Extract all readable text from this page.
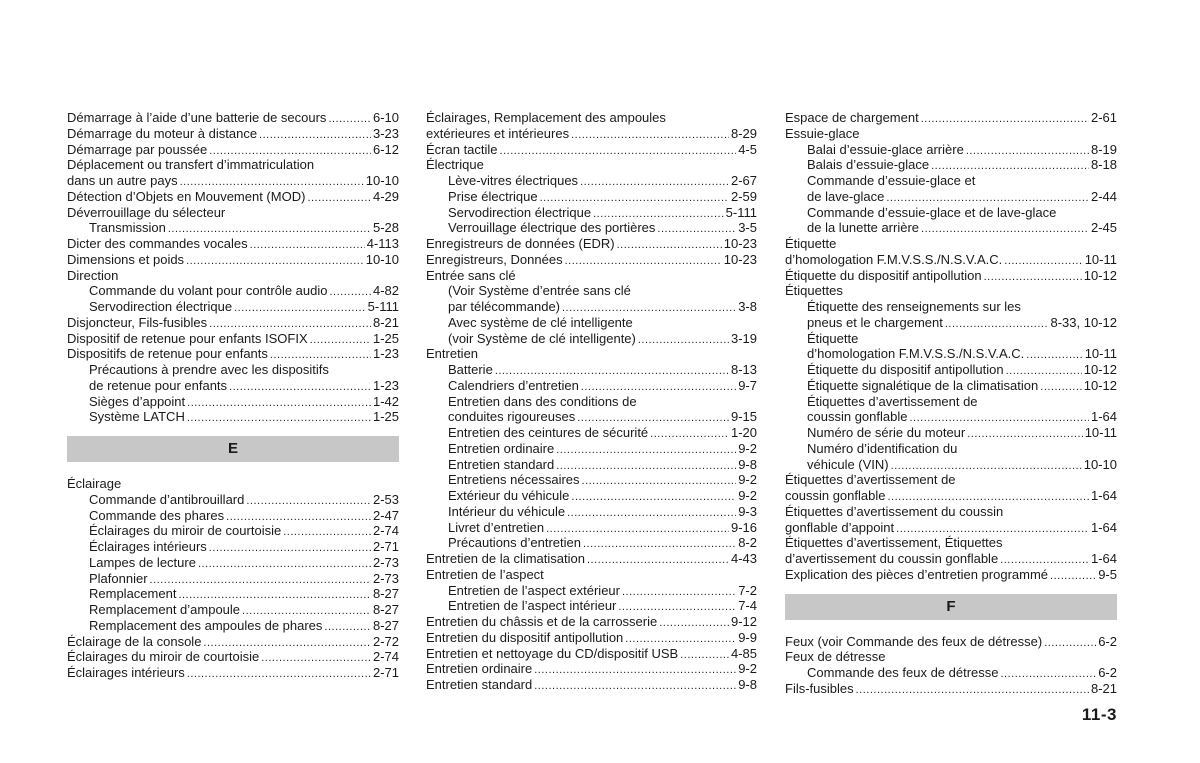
Démarrage à l’aide d’une batterie de secours .....	6-10
Démarrage du moteur à distance .....	3-23
Démarrage par poussée .....	6-12
Déplacement ou transfert d’immatriculation
dans un autre pays .....	10-10
Détection d’Objets en Mouvement (MOD) .....	4-29
Déverrouillage du sélecteur
Transmission .....	5-28
Dicter des commandes vocales .....	4-113
Dimensions et poids .....	10-10
Direction
Commande du volant pour contrôle audio .....	4-82
Servodirection électrique .....	5-111
Disjoncteur, Fils-fusibles .....	8-21
Dispositif de retenue pour enfants ISOFIX .....	1-25
Dispositifs de retenue pour enfants .....	1-23
Précautions à prendre avec les dispositifs
de retenue pour enfants .....	1-23
Sièges d’appoint .....	1-42
Système LATCH .....	1-25
E
Éclairage
Commande d’antibrouillard .....	2-53
Commande des phares .....	2-47
Éclairages du miroir de courtoisie .....	2-74
Éclairages intérieurs .....	2-71
Lampes de lecture .....	2-73
Plafonnier .....	2-73
Remplacement .....	8-27
Remplacement d’ampoule .....	8-27
Remplacement des ampoules de phares .....	8-27
Éclairage de la console .....	2-72
Éclairages du miroir de courtoisie .....	2-74
Éclairages intérieurs .....	2-71
Éclairages, Remplacement des ampoules
extérieures et intérieures .....	8-29
Écran tactile .....	4-5
Électrique
Lève-vitres électriques .....	2-67
Prise électrique .....	2-59
Servodirection électrique .....	5-111
Verrouillage électrique des portières .....	3-5
Enregistreurs de données (EDR) .....	10-23
Enregistreurs, Données .....	10-23
Entrée sans clé
(Voir Système d’entrée sans clé
par télécommande) .....	3-8
Avec système de clé intelligente
(voir Système de clé intelligente) .....	3-19
Entretien
Batterie .....	8-13
Calendriers d’entretien .....	9-7
Entretien dans des conditions de
conduites rigoureuses .....	9-15
Entretien des ceintures de sécurité .....	1-20
Entretien ordinaire .....	9-2
Entretien standard .....	9-8
Entretiens nécessaires .....	9-2
Extérieur du véhicule .....	9-2
Intérieur du véhicule .....	9-3
Livret d’entretien .....	9-16
Précautions d’entretien .....	8-2
Entretien de la climatisation .....	4-43
Entretien de l’aspect
Entretien de l’aspect extérieur .....	7-2
Entretien de l’aspect intérieur .....	7-4
Entretien du châssis et de la carrosserie .....	9-12
Entretien du dispositif antipollution .....	9-9
Entretien et nettoyage du CD/dispositif USB .....	4-85
Entretien ordinaire .....	9-2
Entretien standard .....	9-8
Espace de chargement .....	2-61
Essuie-glace
Balai d’essuie-glace arrière .....	8-19
Balais d’essuie-glace .....	8-18
Commande d’essuie-glace et
de lave-glace .....	2-44
Commande d’essuie-glace et de lave-glace
de la lunette arrière .....	2-45
Étiquette
d’homologation F.M.V.S.S./N.S.V.A.C. .....	10-11
Étiquette du dispositif antipollution .....	10-12
Étiquettes
Étiquette des renseignements sur les
pneus et le chargement .....	8-33, 10-12
Étiquette
d’homologation F.M.V.S.S./N.S.V.A.C. .....	10-11
Étiquette du dispositif antipollution .....	10-12
Étiquette signalétique de la climatisation .....	10-12
Étiquettes d’avertissement de
coussin gonflable .....	1-64
Numéro de série du moteur .....	10-11
Numéro d’identification du
véhicule (VIN) .....	10-10
Étiquettes d’avertissement de
coussin gonflable .....	1-64
Étiquettes d’avertissement du coussin
gonflable d’appoint .....	1-64
Étiquettes d’avertissement, Étiquettes
d’avertissement du coussin gonflable .....	1-64
Explication des pièces d’entretien programmé .....	9-5
F
Feux (voir Commande des feux de détresse) .....	6-2
Feux de détresse
Commande des feux de détresse .....	6-2
Fils-fusibles .....	8-21
11-3
